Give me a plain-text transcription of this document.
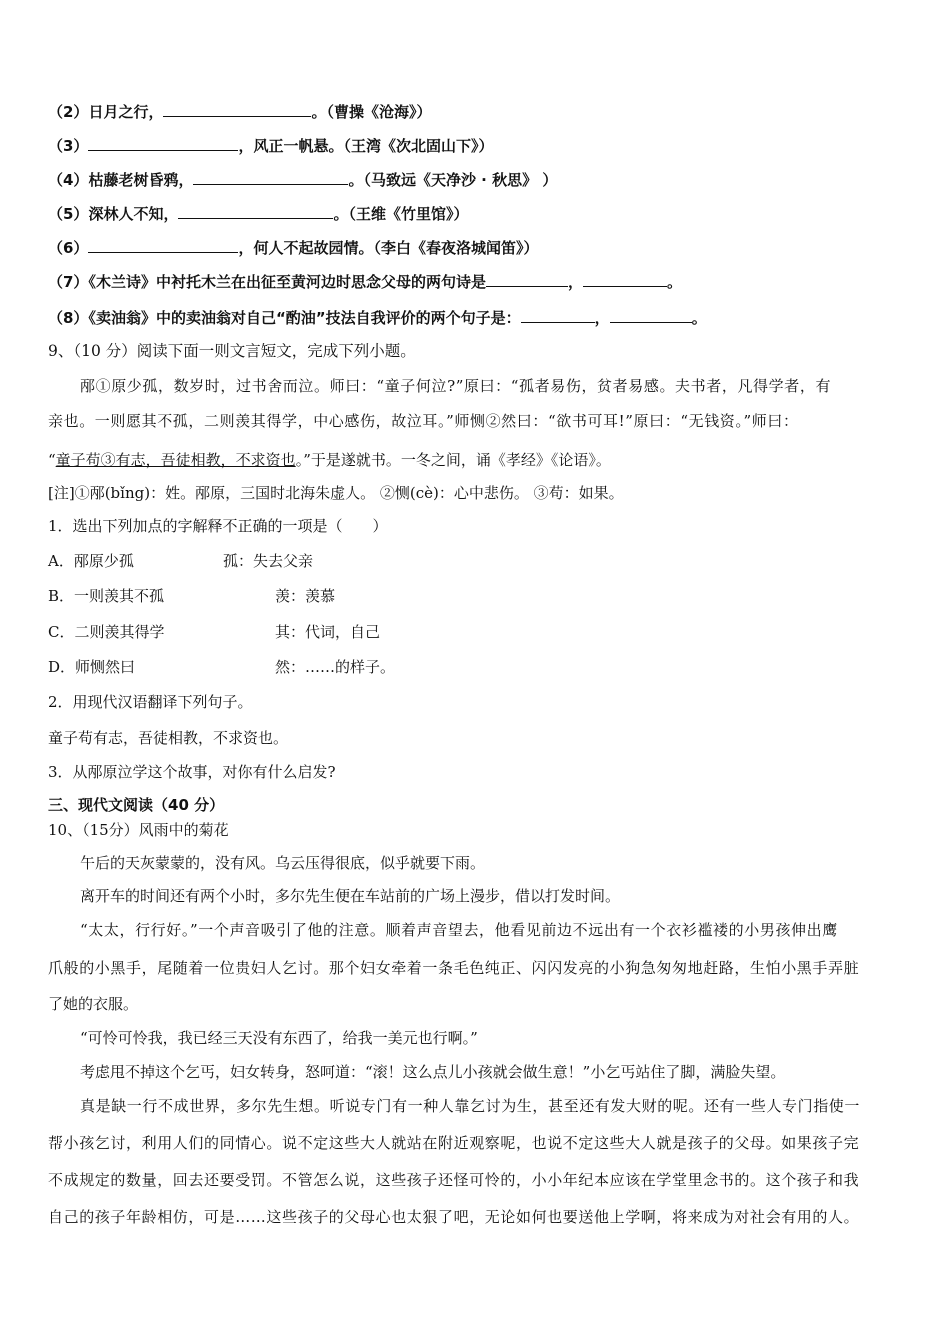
（2）日月之行，	。（曹操《沧海》）
（3）	，风正一帆悬。（王湾《次北固山下》）
（4）枯藤老树昏鸦，	。（马致远《天净沙 · 秋思》 ）
（5）深林人不知，	。（王维《竹里馆》）
（6）	，何人不起故园情。（李白《春夜洛城闻笛》）
（7）《木兰诗》中衬托木兰在出征至黄河边时思念父母的两句诗是	，	。
（8）《卖油翁》中的卖油翁对自己“酌油”技法自我评价的两个句子是：	，	。
9、（10 分）阅读下面一则文言短文，完成下列小题。
邴①原少孤，数岁时，过书舍而泣。师曰：“童子何泣?”原曰：“孤者易伤，贫者易感。夫书者，凡得学者，有
亲也。一则愿其不孤，二则羡其得学，中心感伤，故泣耳。”师恻②然曰：“欲书可耳!”原曰：“无钱资。”师曰：
“童子苟③有志，吾徒相教，不求资也。”于是遂就书。一冬之间，诵《孝经》《论语》。
[注]①邴(bǐng)：姓。邴原，三国时北海朱虚人。 ②恻(cè)：心中悲伤。 ③苟：如果。
1．选出下列加点的字解释不正确的一项是（　　）
A．邴原少孤	孤：失去父亲
B．一则羡其不孤	羡：羡慕
C．二则羡其得学	其：代词，自己
D．师恻然曰	然：……的样子。
2．用现代汉语翻译下列句子。
童子苟有志，吾徒相教，不求资也。
3．从邴原泣学这个故事，对你有什么启发?
三、现代文阅读（40 分）
10、（15分）风雨中的菊花
午后的天灰蒙蒙的，没有风。乌云压得很底，似乎就要下雨。
离开车的时间还有两个小时，多尔先生便在车站前的广场上漫步，借以打发时间。
“太太，行行好。”一个声音吸引了他的注意。顺着声音望去，他看见前边不远出有一个衣衫褴褛的小男孩伸出鹰
爪般的小黑手，尾随着一位贵妇人乞讨。那个妇女牵着一条毛色纯正、闪闪发亮的小狗急匆匆地赶路，生怕小黑手弄脏
了她的衣服。
“可怜可怜我，我已经三天没有东西了，给我一美元也行啊。”
考虑甩不掉这个乞丐，妇女转身，怒呵道：“滚！这么点儿小孩就会做生意！”小乞丐站住了脚，满脸失望。
真是缺一行不成世界，多尔先生想。听说专门有一种人靠乞讨为生，甚至还有发大财的呢。还有一些人专门指使一
帮小孩乞讨，利用人们的同情心。说不定这些大人就站在附近观察呢，也说不定这些大人就是孩子的父母。如果孩子完
不成规定的数量，回去还要受罚。不管怎么说，这些孩子还怪可怜的，小小年纪本应该在学堂里念书的。这个孩子和我
自己的孩子年龄相仿，可是……这些孩子的父母心也太狠了吧，无论如何也要送他上学啊，将来成为对社会有用的人。
